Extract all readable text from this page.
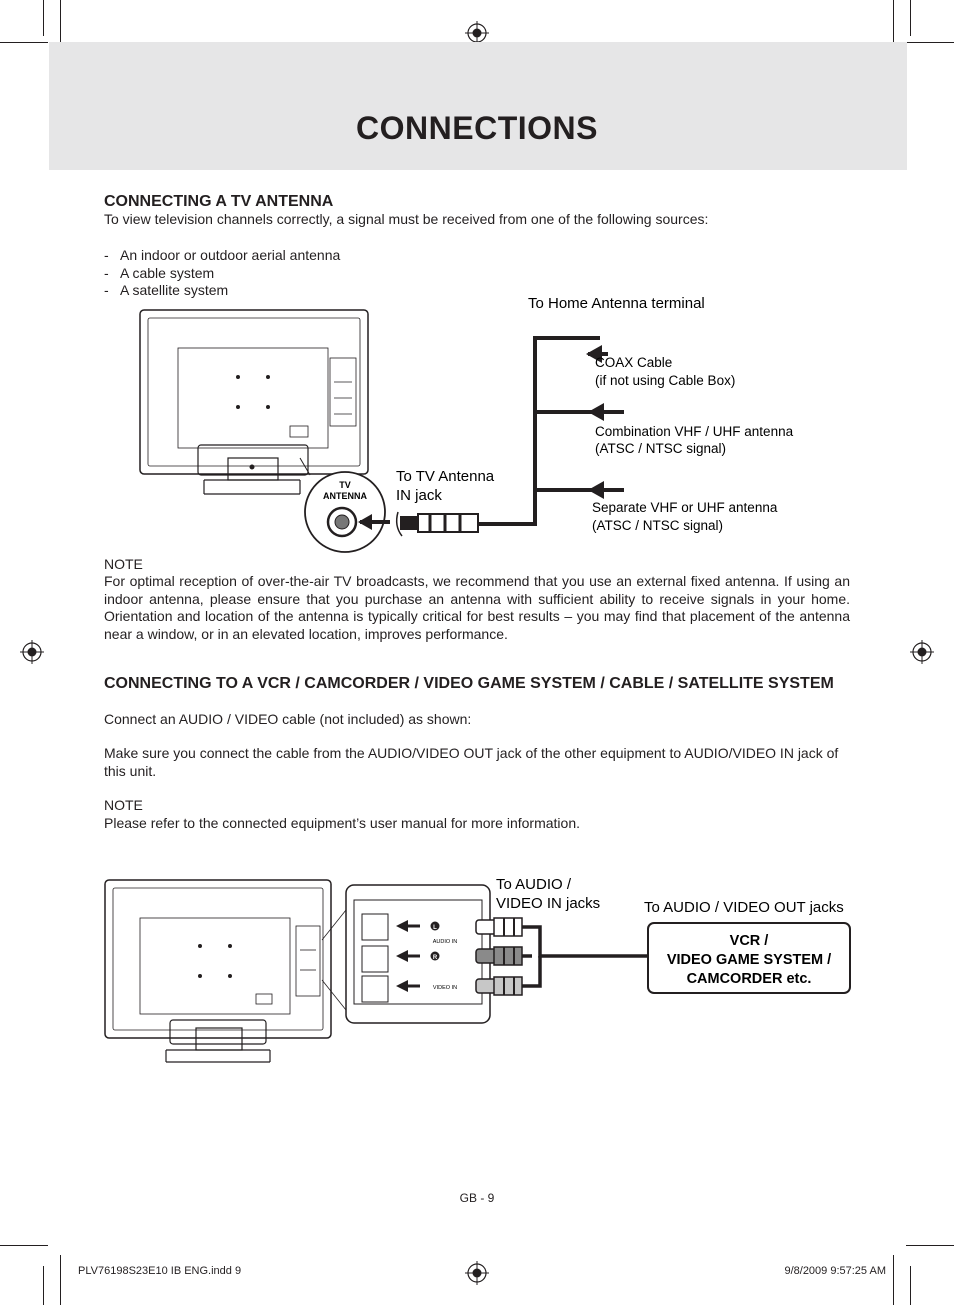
CONNECTIONS
CONNECTING A TV ANTENNA
To view television channels correctly, a signal must be received from one of the following sources:
- An indoor or outdoor aerial antenna
- A cable system
- A satellite system
TV
ANTENNA
To Home Antenna terminal
COAX Cable
(if not using Cable Box)
Combination VHF / UHF antenna
(ATSC / NTSC signal)
Separate VHF or UHF antenna
(ATSC / NTSC signal)
To TV Antenna
IN jack
NOTE
For optimal reception of over-the-air TV broadcasts, we recommend that you use an external fixed antenna. If using an indoor antenna, please ensure that you purchase an antenna with sufficient ability to receive signals in your home. Orientation and location of the antenna is typically critical for best results – you may find that placement of the antenna near a window, or in an elevated location, improves performance.
CONNECTING TO A VCR / CAMCORDER / VIDEO GAME SYSTEM / CABLE / SATELLITE SYSTEM
Connect an AUDIO / VIDEO cable (not included) as shown:
Make sure you connect the cable from the AUDIO/VIDEO OUT jack of the other equipment to AUDIO/VIDEO IN jack of this unit.
NOTE
Please refer to the connected equipment’s user manual for more information.
L
R
AUDIO IN
VIDEO IN
VCR /
VIDEO GAME SYSTEM /
CAMCORDER etc.
To AUDIO /
VIDEO IN jacks	To AUDIO / VIDEO OUT jacks
GB - 9
PLV76198S23E10 IB ENG.indd 9	9/8/2009 9:57:25 AM
